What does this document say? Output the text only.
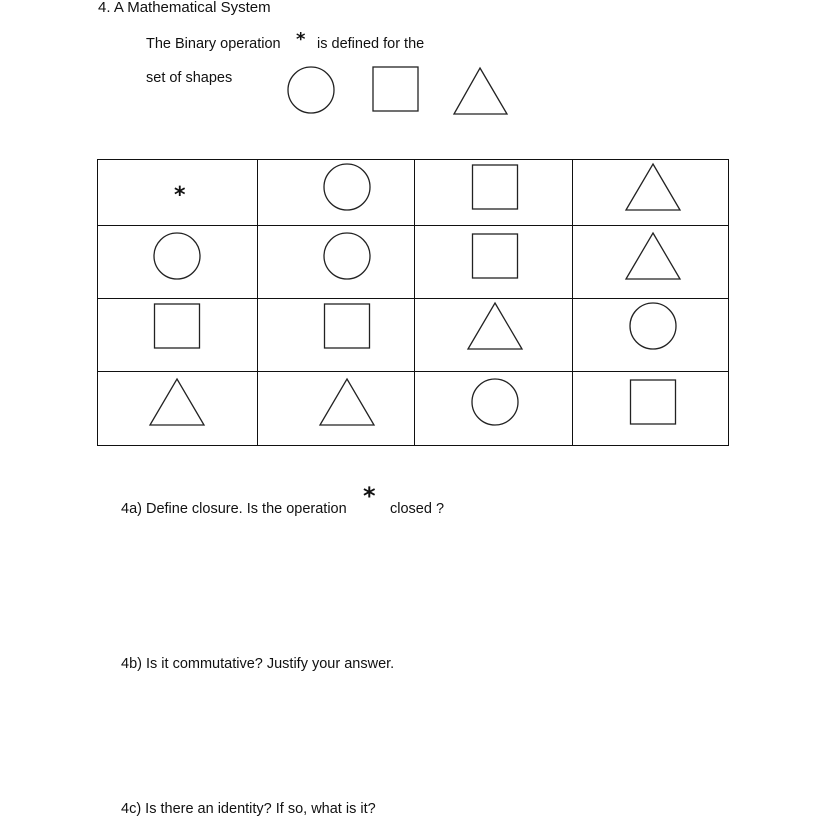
4. A Mathematical System
The Binary operation * is defined for the
set of shapes
*
4a) Define closure. Is the operation * closed ?
4b) Is it commutative? Justify your answer.
4c) Is there an identity? If so, what is it?
